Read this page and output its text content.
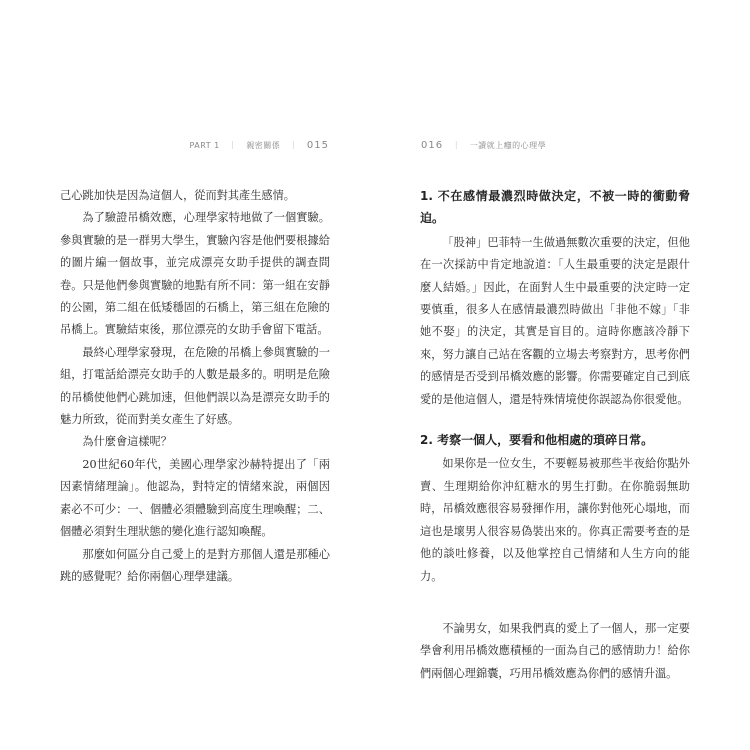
PART 1 ｜ 親密關係 ｜ 015

己心跳加快是因為這個人，從而對其產生感情。

為了驗證吊橋效應，心理學家特地做了一個實驗。參與實驗的是一群男大學生，實驗內容是他們要根據給的圖片編一個故事，並完成漂亮女助手提供的調查問卷。只是他們參與實驗的地點有所不同：第一組在安靜的公園，第二組在低矮穩固的石橋上，第三組在危險的吊橋上。實驗結束後，那位漂亮的女助手會留下電話。

最終心理學家發現，在危險的吊橋上參與實驗的一組，打電話給漂亮女助手的人數是最多的。明明是危險的吊橋使他們心跳加速，但他們誤以為是漂亮女助手的魅力所致，從而對美女產生了好感。

為什麼會這樣呢？

20世紀60年代，美國心理學家沙赫特提出了「兩因素情緒理論」。他認為，對特定的情緒來說，兩個因素必不可少：一、個體必須體驗到高度生理喚醒；二、個體必須對生理狀態的變化進行認知喚醒。

那麼如何區分自己愛上的是對方那個人還是那種心跳的感覺呢？給你兩個心理學建議。

016 ｜ 一讀就上癮的心理學

1. 不在感情最濃烈時做決定，不被一時的衝動脅迫。

「股神」巴菲特一生做過無數次重要的決定，但他在一次採訪中肯定地說道：「人生最重要的決定是跟什麼人結婚。」因此，在面對人生中最重要的決定時一定要慎重，很多人在感情最濃烈時做出「非他不嫁」「非她不娶」的決定，其實是盲目的。這時你應該冷靜下來，努力讓自己站在客觀的立場去考察對方，思考你們的感情是否受到吊橋效應的影響。你需要確定自己到底愛的是他這個人，還是特殊情境使你誤認為你很愛他。

2. 考察一個人，要看和他相處的瑣碎日常。

如果你是一位女生，不要輕易被那些半夜給你點外賣、生理期給你沖紅糖水的男生打動。在你脆弱無助時，吊橋效應很容易發揮作用，讓你對他死心塌地，而這也是壞男人很容易偽裝出來的。你真正需要考查的是他的談吐修養，以及他掌控自己情緒和人生方向的能力。

不論男女，如果我們真的愛上了一個人，那一定要學會利用吊橋效應積極的一面為自己的感情助力！給你們兩個心理錦囊，巧用吊橋效應為你們的感情升溫。
